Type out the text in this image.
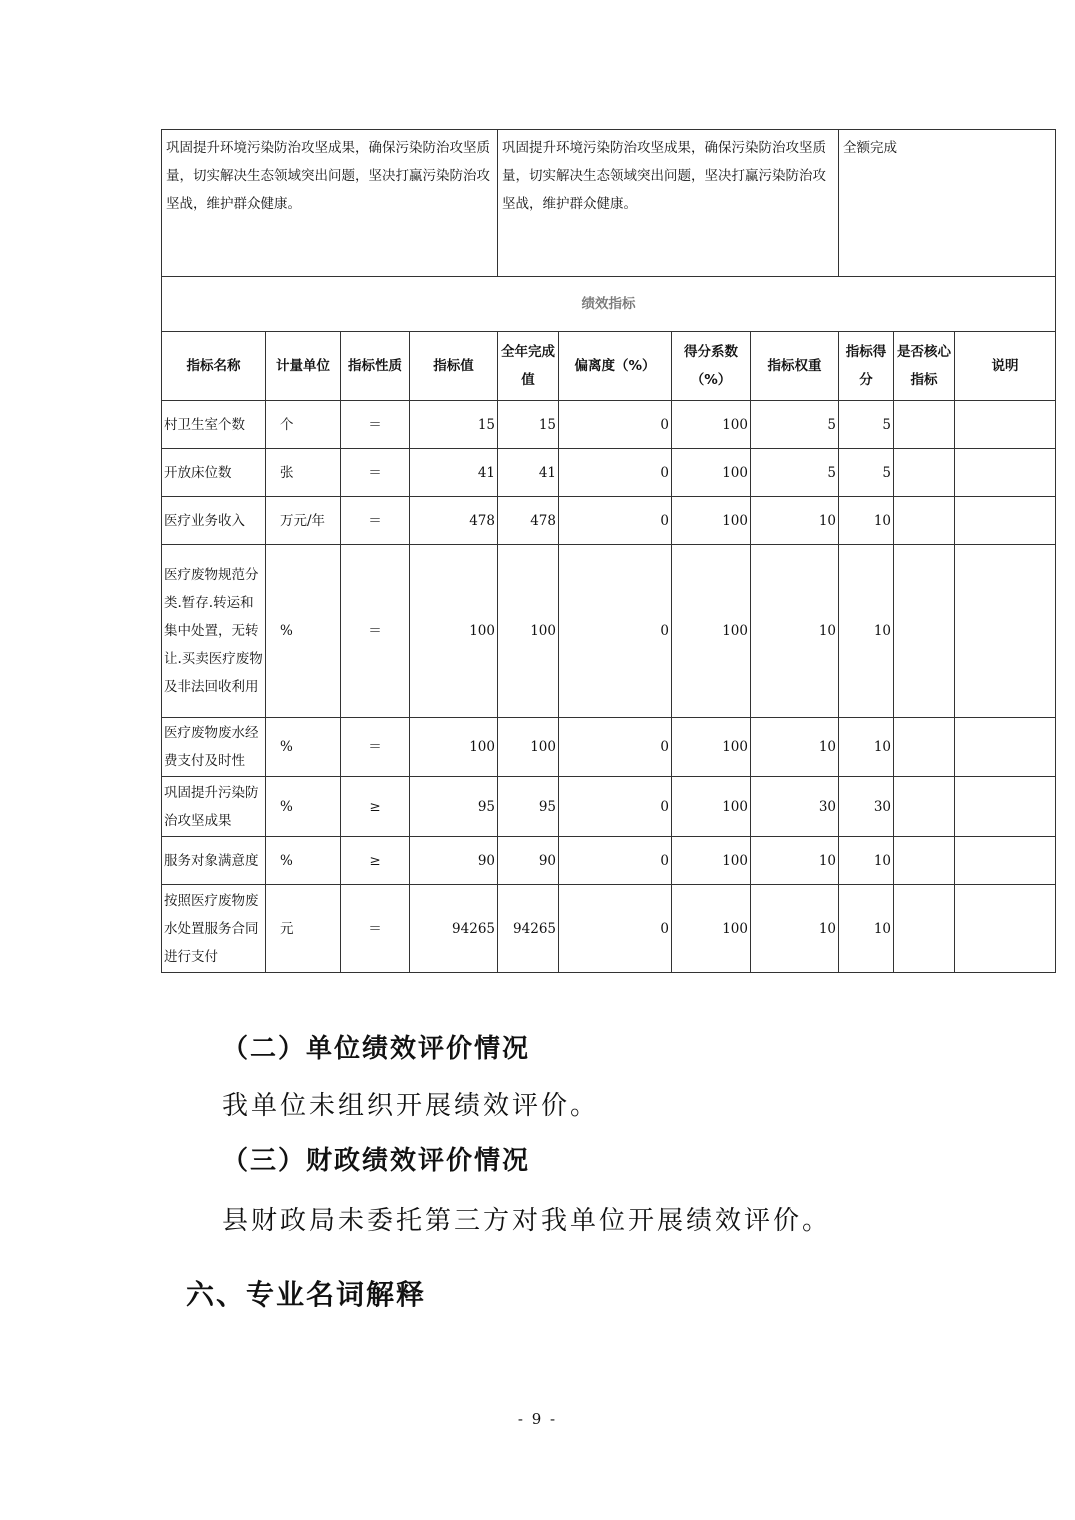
巩固提升环境污染防治攻坚成果，确保污染防治攻坚质量，切实解决生态领域突出问题，坚决打赢污染防治攻坚战，维护群众健康。				巩固提升环境污染防治攻坚成果，确保污染防治攻坚质量，切实解决生态领域突出问题，坚决打赢污染防治攻坚战，维护群众健康。				全额完成		

绩效指标										
指标名称	计量单位	指标性质	指标值	全年完成值	偏离度（%）	得分系数（%）	指标权重	指标得分	是否核心指标	说明
村卫生室个数	个	＝	15	15	0	100	5	5		
开放床位数	张	＝	41	41	0	100	5	5		
医疗业务收入	万元/年	＝	478	478	0	100	10	10		
医疗废物规范分类.暂存.转运和集中处置，无转让.买卖医疗废物及非法回收利用	%	＝	100	100	0	100	10	10		
医疗废物废水经费支付及时性	%	＝	100	100	0	100	10	10		
巩固提升污染防治攻坚成果	%	≥	95	95	0	100	30	30		
服务对象满意度	%	≥	90	90	0	100	10	10		
按照医疗废物废水处置服务合同进行支付	元	＝	94265	94265	0	100	10	10		
（二）单位绩效评价情况
我单位未组织开展绩效评价。
（三）财政绩效评价情况
县财政局未委托第三方对我单位开展绩效评价。
六、专业名词解释
- 9 -
